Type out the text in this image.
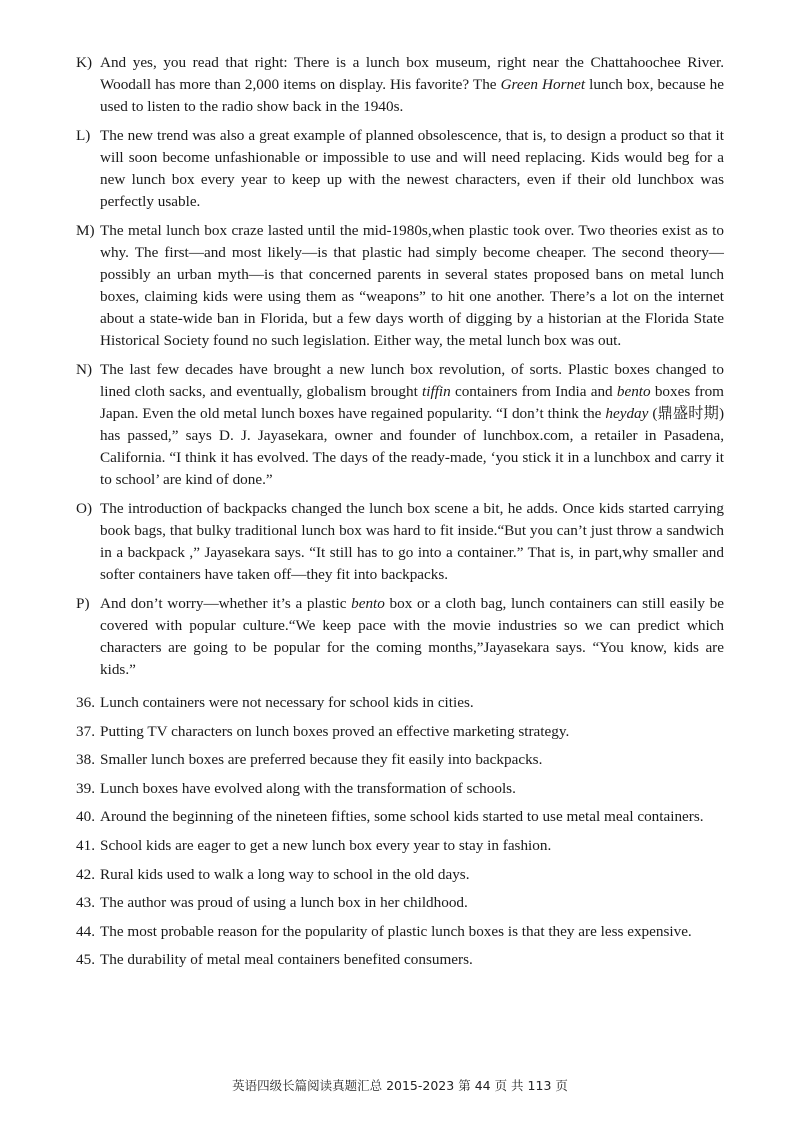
K) And yes, you read that right: There is a lunch box museum, right near the Chattahoochee River. Woodall has more than 2,000 items on display. His favorite? The Green Hornet lunch box, because he used to listen to the radio show back in the 1940s.
L) The new trend was also a great example of planned obsolescence, that is, to design a product so that it will soon become unfashionable or impossible to use and will need replacing. Kids would beg for a new lunch box every year to keep up with the newest characters, even if their old lunchbox was perfectly usable.
M) The metal lunch box craze lasted until the mid-1980s,when plastic took over. Two theories exist as to why. The first—and most likely—is that plastic had simply become cheaper. The second theory—possibly an urban myth—is that concerned parents in several states proposed bans on metal lunch boxes, claiming kids were using them as “weapons” to hit one another. There’s a lot on the internet about a state-wide ban in Florida, but a few days worth of digging by a historian at the Florida State Historical Society found no such legislation. Either way, the metal lunch box was out.
N) The last few decades have brought a new lunch box revolution, of sorts. Plastic boxes changed to lined cloth sacks, and eventually, globalism brought tiffin containers from India and bento boxes from Japan. Even the old metal lunch boxes have regained popularity. “I don’t think the heyday (鼎盛时期) has passed,” says D. J. Jayasekara, owner and founder of lunchbox.com, a retailer in Pasadena, California. “I think it has evolved. The days of the ready-made, ‘you stick it in a lunchbox and carry it to school’ are kind of done.”
O) The introduction of backpacks changed the lunch box scene a bit, he adds. Once kids started carrying book bags, that bulky traditional lunch box was hard to fit inside.“But you can’t just throw a sandwich in a backpack ,” Jayasekara says. “It still has to go into a container.” That is, in part,why smaller and softer containers have taken off—they fit into backpacks.
P) And don’t worry—whether it’s a plastic bento box or a cloth bag, lunch containers can still easily be covered with popular culture.“We keep pace with the movie industries so we can predict which characters are going to be popular for the coming months,”Jayasekara says. “You know, kids are kids.”
36. Lunch containers were not necessary for school kids in cities.
37. Putting TV characters on lunch boxes proved an effective marketing strategy.
38. Smaller lunch boxes are preferred because they fit easily into backpacks.
39. Lunch boxes have evolved along with the transformation of schools.
40. Around the beginning of the nineteen fifties, some school kids started to use metal meal containers.
41. School kids are eager to get a new lunch box every year to stay in fashion.
42. Rural kids used to walk a long way to school in the old days.
43. The author was proud of using a lunch box in her childhood.
44. The most probable reason for the popularity of plastic lunch boxes is that they are less expensive.
45. The durability of metal meal containers benefited consumers.
英语四级长篇阅读真题汇总 2015-2023 第 44 页 共 113 页
